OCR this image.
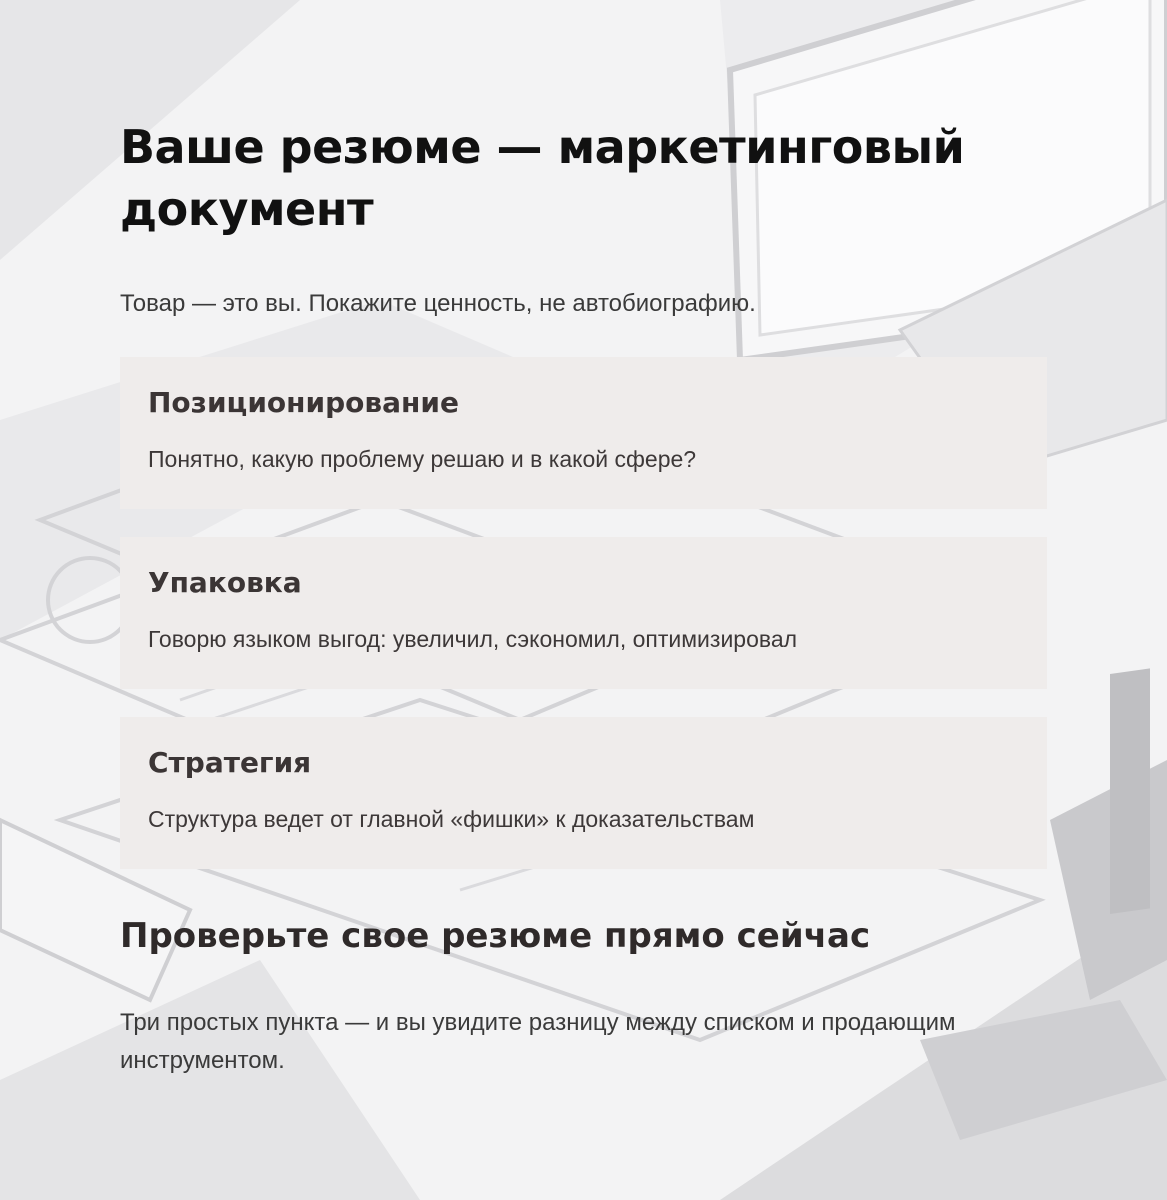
Ваше резюме — маркетинговый документ

Товар — это вы. Покажите ценность, не автобиографию.

Позиционирование
Понятно, какую проблему решаю и в какой сфере?
Упаковка
Говорю языком выгод: увеличил, сэкономил, оптимизировал
Стратегия
Структура ведет от главной «фишки» к доказательствам
Проверьте свое резюме прямо сейчас

Три простых пункта — и вы увидите разницу между списком и продающим инструментом.
